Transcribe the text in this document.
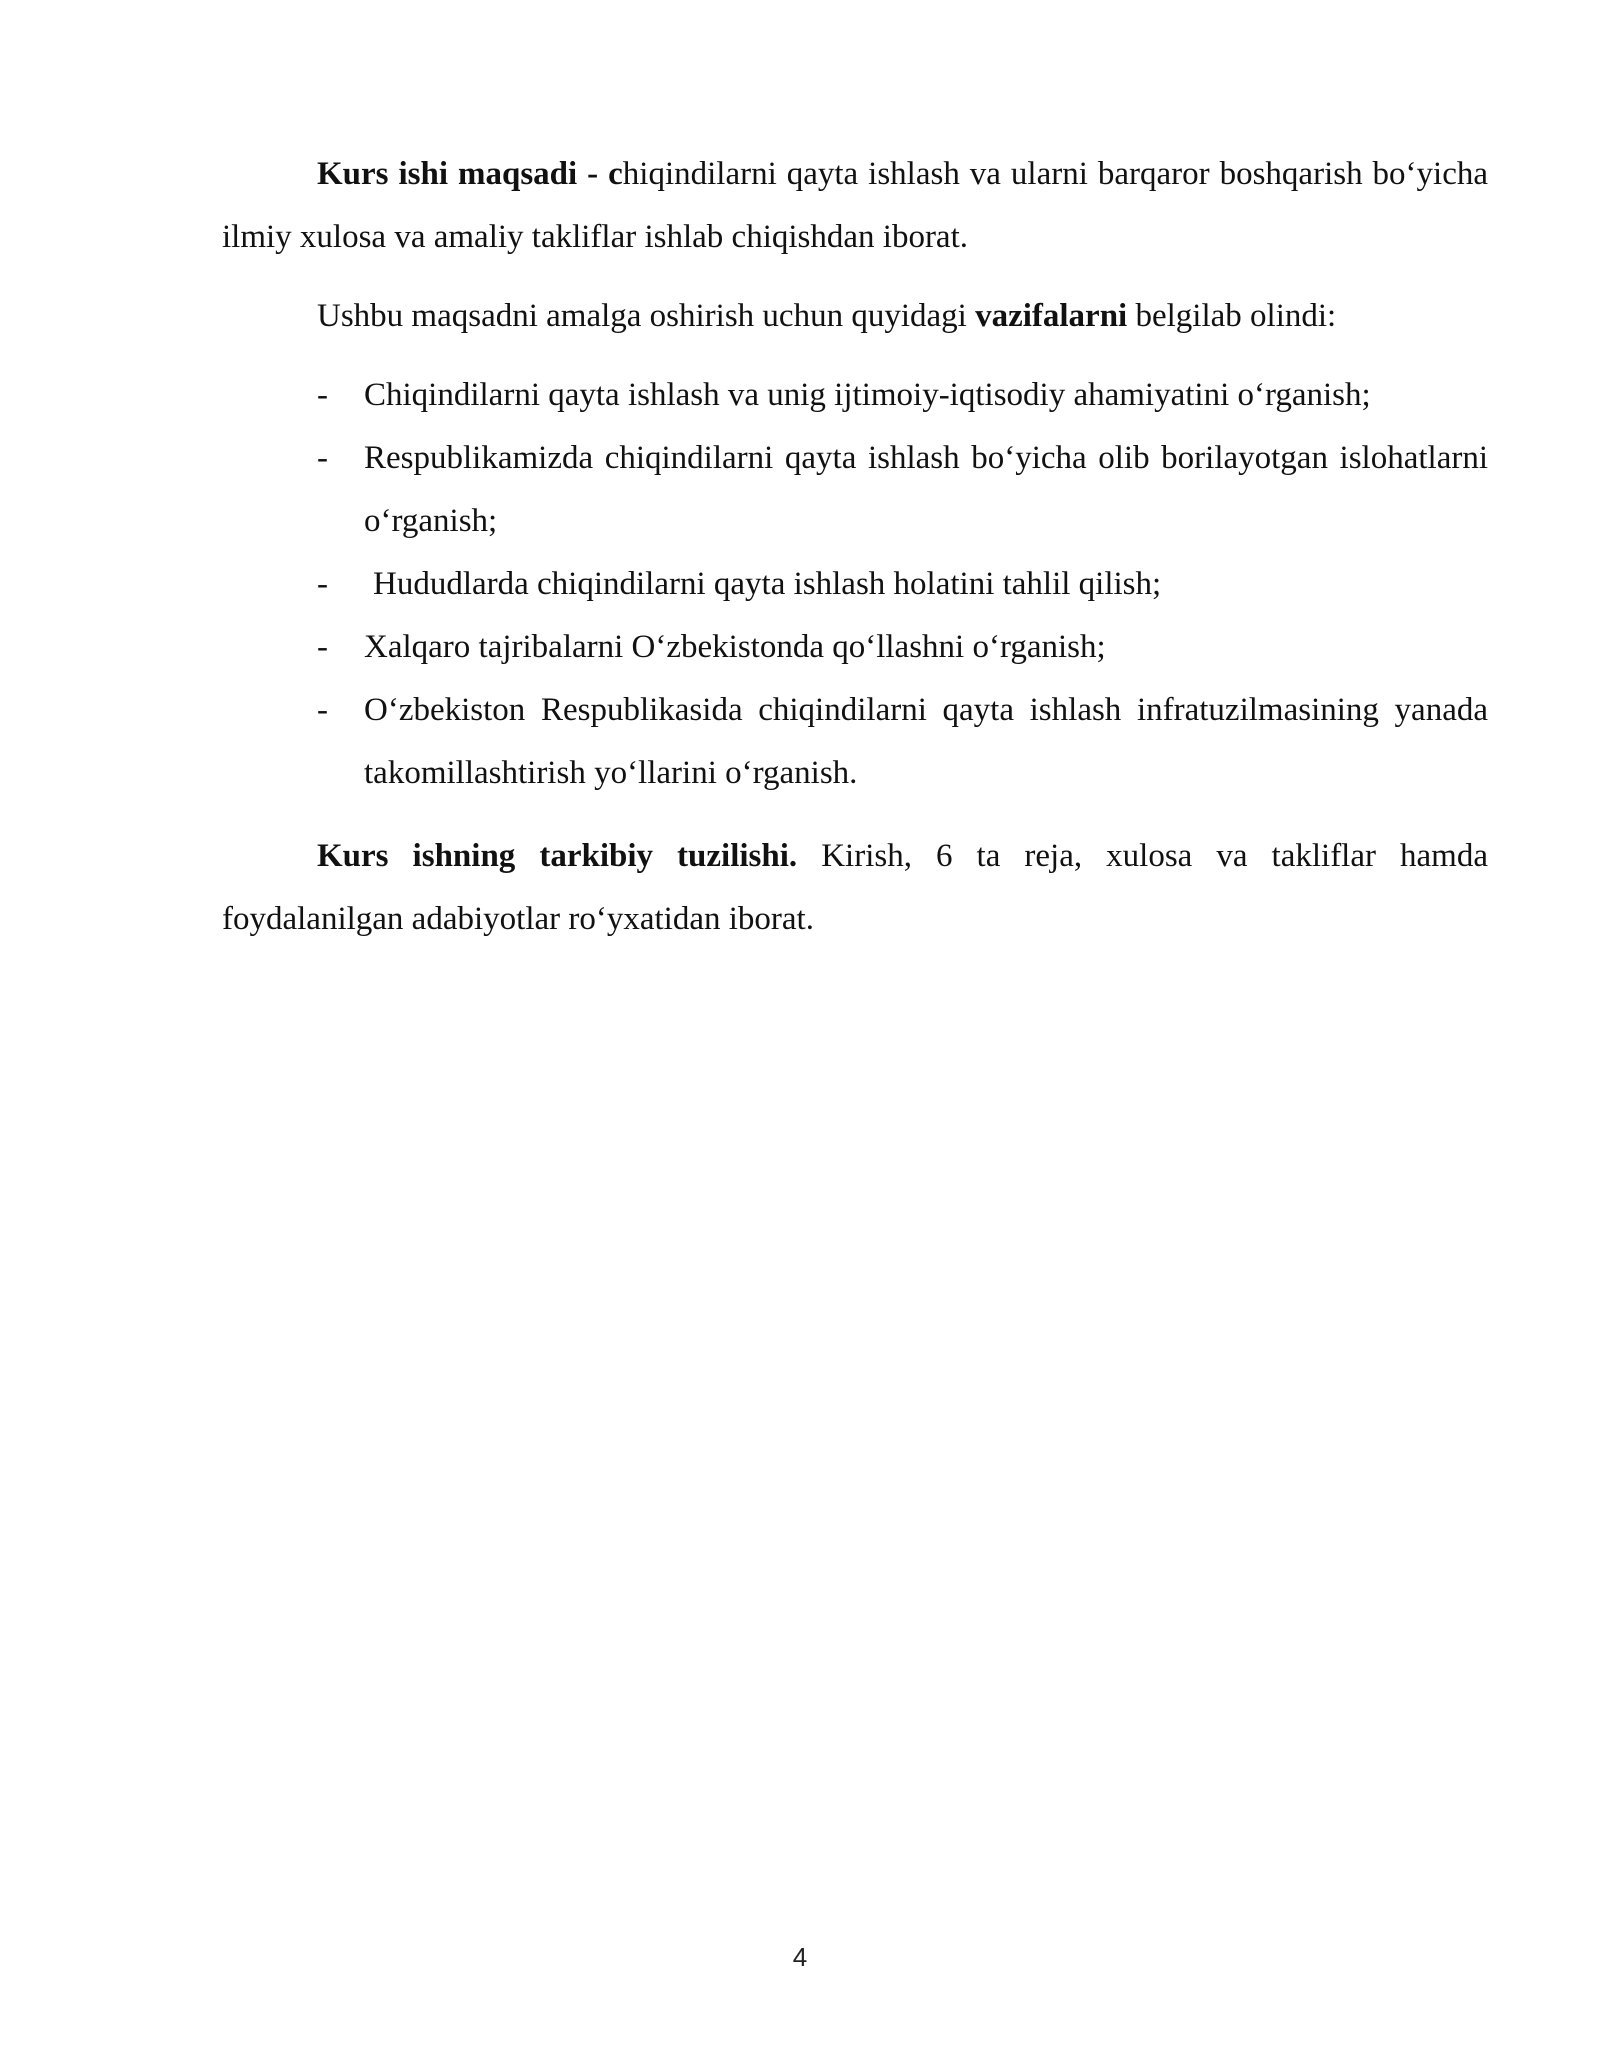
Kurs ishi maqsadi - chiqindilarni qayta ishlash va ularni barqaror boshqarish bo‘yicha ilmiy xulosa va amaliy takliflar ishlab chiqishdan iborat.

Ushbu maqsadni amalga oshirish uchun quyidagi vazifalarni belgilab olindi:

- Chiqindilarni qayta ishlash va unig ijtimoiy-iqtisodiy ahamiyatini o‘rganish;
- Respublikamizda chiqindilarni qayta ishlash bo‘yicha olib borilayotgan islohatlarni o‘rganish;
- Hududlarda chiqindilarni qayta ishlash holatini tahlil qilish;
- Xalqaro tajribalarni O‘zbekistonda qo‘llashni o‘rganish;
- O‘zbekiston Respublikasida chiqindilarni qayta ishlash infratuzilmasining yanada takomillashtirish yo‘llarini o‘rganish.

Kurs ishning tarkibiy tuzilishi. Kirish, 6 ta reja, xulosa va takliflar hamda foydalanilgan adabiyotlar ro‘yxatidan iborat.

4
